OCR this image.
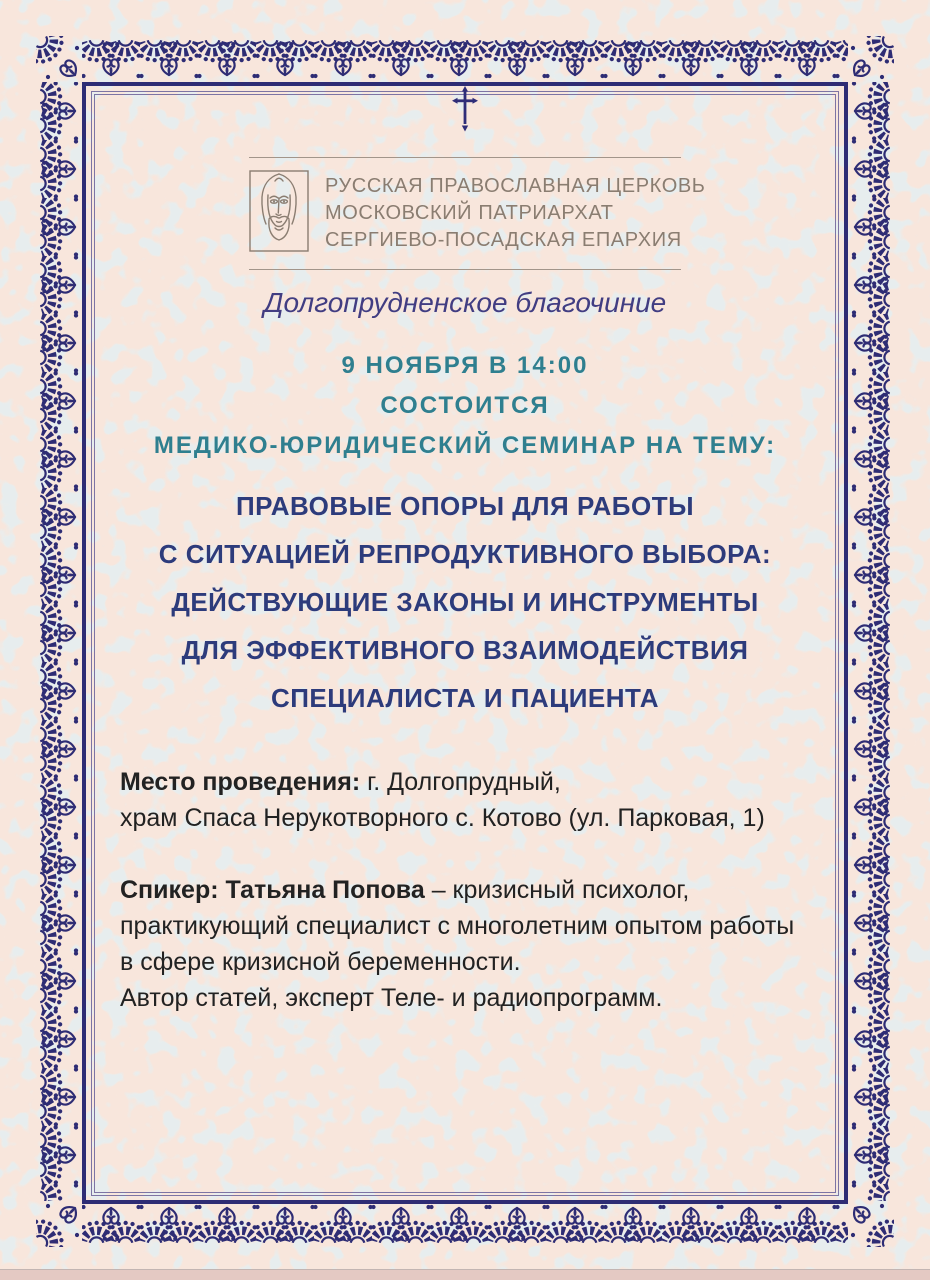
РУССКАЯ ПРАВОСЛАВНАЯ ЦЕРКОВЬ
МОСКОВСКИЙ ПАТРИАРХАТ
СЕРГИЕВО-ПОСАДСКАЯ ЕПАРХИЯ
Долгопрудненское благочиние
9 НОЯБРЯ В 14:00
СОСТОИТСЯ
МЕДИКО-ЮРИДИЧЕСКИЙ СЕМИНАР НА ТЕМУ:
ПРАВОВЫЕ ОПОРЫ ДЛЯ РАБОТЫ
С СИТУАЦИЕЙ РЕПРОДУКТИВНОГО ВЫБОРА:
ДЕЙСТВУЮЩИЕ ЗАКОНЫ И ИНСТРУМЕНТЫ
ДЛЯ ЭФФЕКТИВНОГО ВЗАИМОДЕЙСТВИЯ
СПЕЦИАЛИСТА И ПАЦИЕНТА
Место проведения: г. Долгопрудный,
храм Спаса Нерукотворного с. Котово (ул. Парковая, 1)
Спикер: Татьяна Попова – кризисный психолог,
практикующий специалист с многолетним опытом работы
в сфере кризисной беременности.
Автор статей, эксперт Теле- и радиопрограмм.
